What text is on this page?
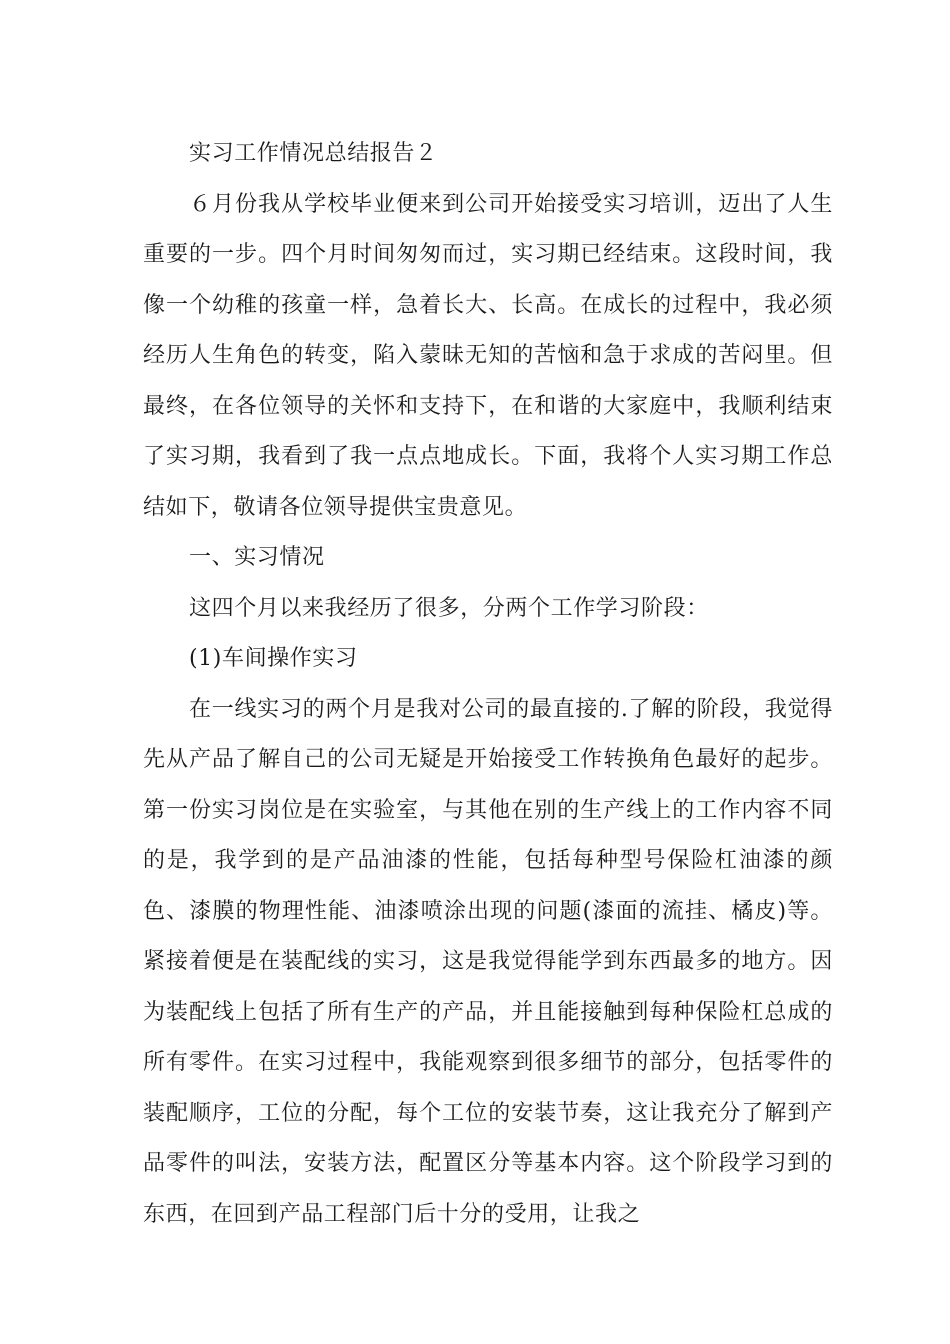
实习工作情况总结报告２

６月份我从学校毕业便来到公司开始接受实习培训，迈出了人生重要的一步。四个月时间匆匆而过，实习期已经结束。这段时间，我像一个幼稚的孩童一样，急着长大、长高。在成长的过程中，我必须经历人生角色的转变，陷入蒙昧无知的苦恼和急于求成的苦闷里。但最终，在各位领导的关怀和支持下，在和谐的大家庭中，我顺利结束了实习期，我看到了我一点点地成长。下面，我将个人实习期工作总结如下，敬请各位领导提供宝贵意见。

一、实习情况

这四个月以来我经历了很多，分两个工作学习阶段：

(1)车间操作实习

在一线实习的两个月是我对公司的最直接的.了解的阶段，我觉得先从产品了解自己的公司无疑是开始接受工作转换角色最好的起步。第一份实习岗位是在实验室，与其他在别的生产线上的工作内容不同的是，我学到的是产品油漆的性能，包括每种型号保险杠油漆的颜色、漆膜的物理性能、油漆喷涂出现的问题(漆面的流挂、橘皮)等。紧接着便是在装配线的实习，这是我觉得能学到东西最多的地方。因为装配线上包括了所有生产的产品，并且能接触到每种保险杠总成的所有零件。在实习过程中，我能观察到很多细节的部分，包括零件的装配顺序，工位的分配，每个工位的安装节奏，这让我充分了解到产品零件的叫法，安装方法，配置区分等基本内容。这个阶段学习到的东西，在回到产品工程部门后十分的受用，让我之
